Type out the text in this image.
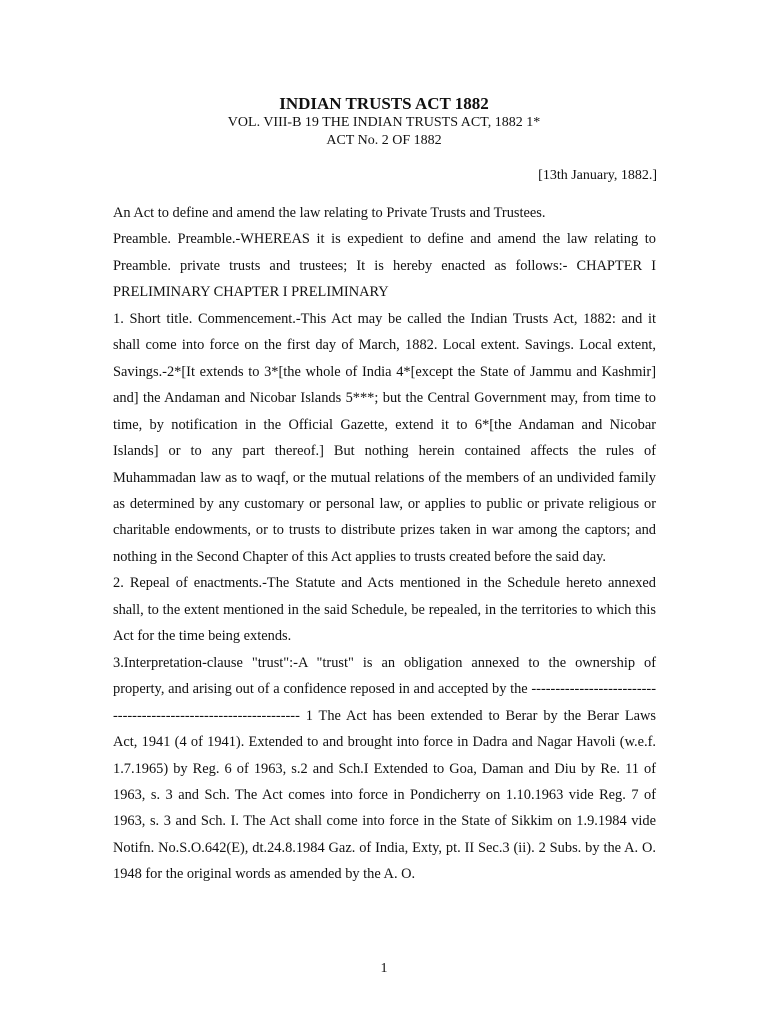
INDIAN TRUSTS ACT 1882
VOL. VIII-B 19 THE INDIAN TRUSTS ACT, 1882 1*
ACT No. 2 OF 1882
[13th January, 1882.]

An Act to define and amend the law relating to Private Trusts and Trustees.

Preamble. Preamble.-WHEREAS it is expedient to define and amend the law relating to Preamble. private trusts and trustees; It is hereby enacted as follows:- CHAPTER I PRELIMINARY CHAPTER I PRELIMINARY

1. Short title. Commencement.-This Act may be called the Indian Trusts Act, 1882: and it shall come into force on the first day of March, 1882. Local extent. Savings. Local extent, Savings.-2*[It extends to 3*[the whole of India 4*[except the State of Jammu and Kashmir] and] the Andaman and Nicobar Islands 5***; but the Central Government may, from time to time, by notification in the Official Gazette, extend it to 6*[the Andaman and Nicobar Islands] or to any part thereof.] But nothing herein contained affects the rules of Muhammadan law as to waqf, or the mutual relations of the members of an undivided family as determined by any customary or personal law, or applies to public or private religious or charitable endowments, or to trusts to distribute prizes taken in war among the captors; and nothing in the Second Chapter of this Act applies to trusts created before the said day.

2. Repeal of enactments.-The Statute and Acts mentioned in the Schedule hereto annexed shall, to the extent mentioned in the said Schedule, be repealed, in the territories to which this Act for the time being extends.

3.Interpretation-clause "trust":-A "trust" is an obligation annexed to the ownership of property, and arising out of a confidence reposed in and accepted by the ----------------------------------------------------------------- 1 The Act has been extended to Berar by the Berar Laws Act, 1941 (4 of 1941). Extended to and brought into force in Dadra and Nagar Havoli (w.e.f. 1.7.1965) by Reg. 6 of 1963, s.2 and Sch.I Extended to Goa, Daman and Diu by Re. 11 of 1963, s. 3 and Sch. The Act comes into force in Pondicherry on 1.10.1963 vide Reg. 7 of 1963, s. 3 and Sch. I. The Act shall come into force in the State of Sikkim on 1.9.1984 vide Notifn. No.S.O.642(E), dt.24.8.1984 Gaz. of India, Exty, pt. II Sec.3 (ii). 2 Subs. by the A. O. 1948 for the original words as amended by the A. O.

1
